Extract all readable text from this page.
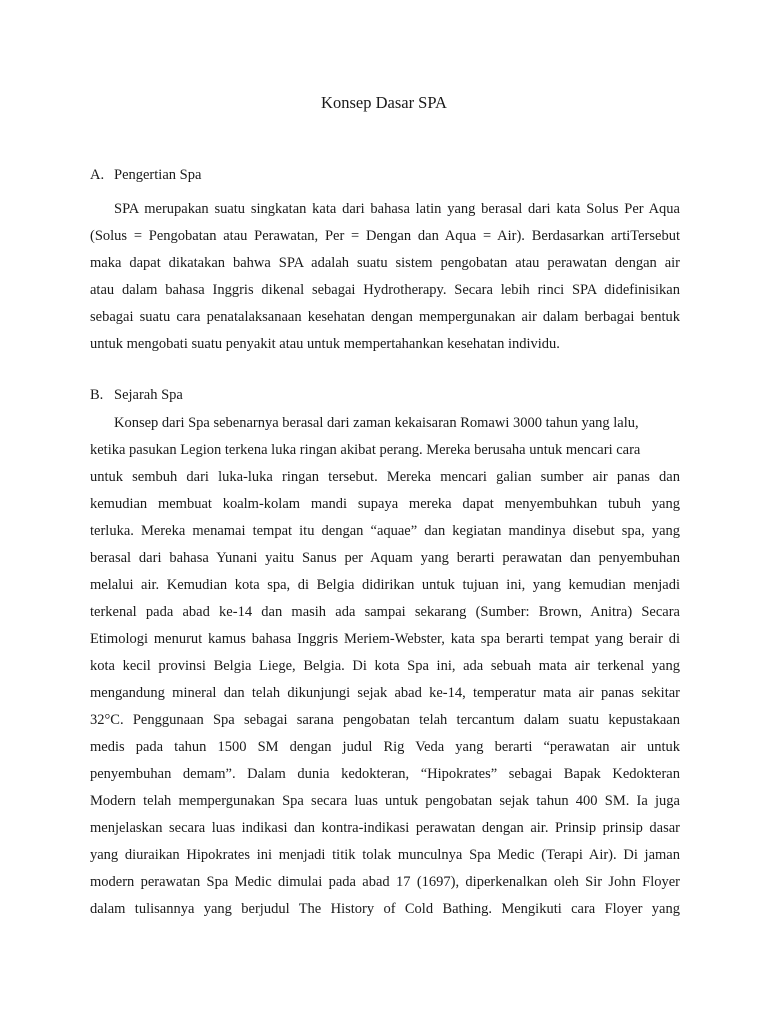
Konsep Dasar SPA
A. Pengertian Spa
SPA merupakan suatu singkatan kata dari bahasa latin yang berasal dari kata Solus Per Aqua
(Solus = Pengobatan atau Perawatan, Per = Dengan dan Aqua = Air). Berdasarkan artiTersebut
maka dapat dikatakan bahwa SPA adalah suatu sistem pengobatan atau perawatan dengan air
atau dalam bahasa Inggris dikenal sebagai Hydrotherapy. Secara lebih rinci SPA didefinisikan
sebagai suatu cara penatalaksanaan kesehatan dengan mempergunakan air dalam berbagai bentuk
untuk mengobati suatu penyakit atau untuk mempertahankan kesehatan individu.
B. Sejarah Spa
Konsep dari Spa sebenarnya berasal dari zaman kekaisaran Romawi 3000 tahun yang lalu,
ketika pasukan Legion terkena luka ringan akibat perang. Mereka berusaha untuk mencari cara
untuk sembuh dari luka-luka ringan tersebut. Mereka mencari galian sumber air panas dan
kemudian membuat koalm-kolam mandi supaya mereka dapat menyembuhkan tubuh yang
terluka. Mereka menamai tempat itu dengan “aquae” dan kegiatan mandinya disebut spa, yang
berasal dari bahasa Yunani yaitu Sanus per Aquam yang berarti perawatan dan penyembuhan
melalui air. Kemudian kota spa, di Belgia didirikan untuk tujuan ini, yang kemudian menjadi
terkenal pada abad ke-14 dan masih ada sampai sekarang (Sumber: Brown, Anitra) Secara
Etimologi menurut kamus bahasa Inggris Meriem-Webster, kata spa berarti tempat yang berair di
kota kecil provinsi Belgia Liege, Belgia. Di kota Spa ini, ada sebuah mata air terkenal yang
mengandung mineral dan telah dikunjungi sejak abad ke-14, temperatur mata air panas sekitar
32°C. Penggunaan Spa sebagai sarana pengobatan telah tercantum dalam suatu kepustakaan
medis pada tahun 1500 SM dengan judul Rig Veda yang berarti “perawatan air untuk
penyembuhan demam”. Dalam dunia kedokteran, “Hipokrates” sebagai Bapak Kedokteran
Modern telah mempergunakan Spa secara luas untuk pengobatan sejak tahun 400 SM. Ia juga
menjelaskan secara luas indikasi dan kontra-indikasi perawatan dengan air. Prinsip prinsip dasar
yang diuraikan Hipokrates ini menjadi titik tolak munculnya Spa Medic (Terapi Air). Di jaman
modern perawatan Spa Medic dimulai pada abad 17 (1697), diperkenalkan oleh Sir John Floyer
dalam tulisannya yang berjudul The History of Cold Bathing. Mengikuti cara Floyer yang
